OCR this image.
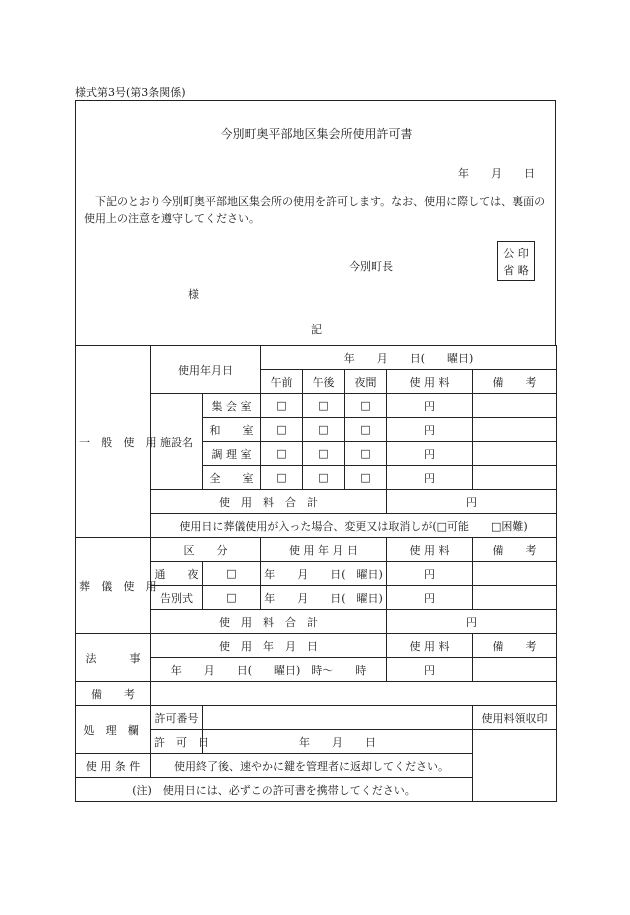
様式第3号(第3条関係)
今別町奥平部地区集会所使用許可書
年　　月　　日
下記のとおり今別町奥平部地区集会所の使用を許可します。なお、使用に際しては、裏面の使用上の注意を遵守してください。
今別町長
公 印
省 略
様
記
一 般 使 用	使用年月日		年　　月　　日(　　曜日)				
			午前	午後	夜間	使 用 料	備　　考
	施設名	集 会 室	□	□	□	円	
		和　　室	□	□	□	円	
		調 理 室	□	□	□	円	
		全　　室	□	□	□	円	
	使　用　料　合　計					円	
	使用日に葬儀使用が入った場合、変更又は取消しが(□可能　　□困難)						
葬 儀 使 用	区　　分		使 用 年 月 日			使 用 料	備　　考
	通　　夜	□	年　　月　　日(　曜日)			円	
	告別式	□	年　　月　　日(　曜日)			円	
	使　用　料　合　計					円	
法　　　事	使　用　年　月　日					使 用 料	備　　考
	年　　月　　日(　　曜日)　時〜　　時					円	
備　　考							
処 理 欄	許可番号						使用料領収印
	許　可　日	年　　月　　日					
使 用 条 件	使用終了後、速やかに鍵を管理者に返却してください。						
(注)　使用日には、必ずこの許可書を携帯してください。							
